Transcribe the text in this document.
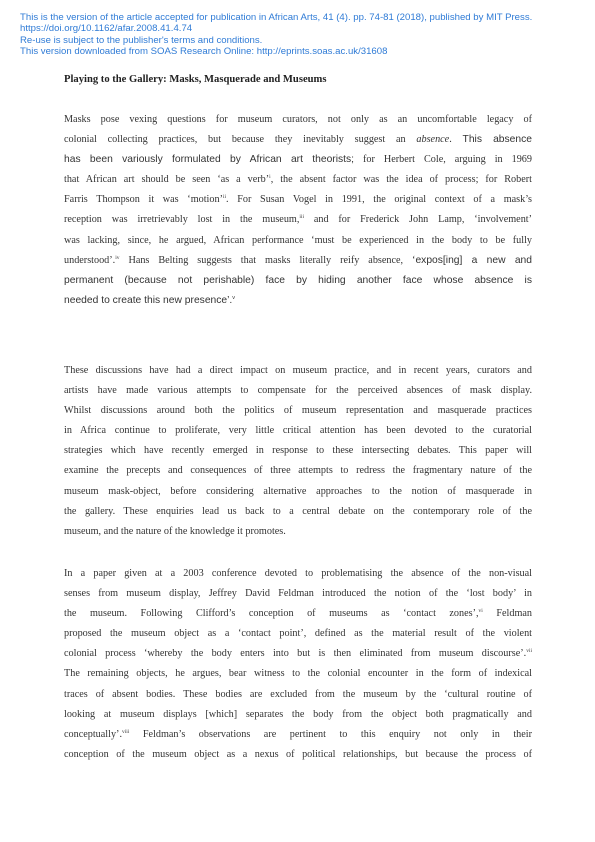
This is the version of the article accepted for publication in African Arts, 41 (4). pp. 74-81 (2018), published by MIT Press.
https://doi.org/10.1162/afar.2008.41.4.74
Re-use is subject to the publisher's terms and conditions.
This version downloaded from SOAS Research Online: http://eprints.soas.ac.uk/31608
Playing to the Gallery: Masks, Masquerade and Museums
Masks pose vexing questions for museum curators, not only as an uncomfortable legacy of
colonial collecting practices, but because they inevitably suggest an absence. This absence
has been variously formulated by African art theorists; for Herbert Cole, arguing in 1969
that African art should be seen ‘as a verb’$^i$, the absent factor was the idea of process; for Robert
Farris Thompson it was ‘motion’$^{ii}$. For Susan Vogel in 1991, the original context of a mask’s
reception was irretrievably lost in the museum,$^{iii}$ and for Frederick John Lamp, ‘involvement’
was lacking, since, he argued, African performance ‘must be experienced in the body to be fully
understood’.$^{iv}$ Hans Belting suggests that masks literally reify absence, ‘expos[ing] a new and
permanent (because not perishable) face by hiding another face whose absence is
needed to create this new presence’.$^v$
These discussions have had a direct impact on museum practice, and in recent years, curators and
artists have made various attempts to compensate for the perceived absences of mask display.
Whilst discussions around both the politics of museum representation and masquerade practices
in Africa continue to proliferate, very little critical attention has been devoted to the curatorial
strategies which have recently emerged in response to these intersecting debates. This paper will
examine the precepts and consequences of three attempts to redress the fragmentary nature of the
museum mask-object, before considering alternative approaches to the notion of masquerade in
the gallery. These enquiries lead us back to a central debate on the contemporary role of the
museum, and the nature of the knowledge it promotes.
In a paper given at a 2003 conference devoted to problematising the absence of the non-visual
senses from museum display, Jeffrey David Feldman introduced the notion of the ‘lost body’ in
the museum. Following Clifford’s conception of museums as ‘contact zones’,$^{vi}$ Feldman
proposed the museum object as a ‘contact point’, defined as the material result of the violent
colonial process ‘whereby the body enters into but is then eliminated from museum discourse’.$^{vii}$
The remaining objects, he argues, bear witness to the colonial encounter in the form of indexical
traces of absent bodies. These bodies are excluded from the museum by the ‘cultural routine of
looking at museum displays [which] separates the body from the object both pragmatically and
conceptually’.$^{viii}$ Feldman’s observations are pertinent to this enquiry not only in their
conception of the museum object as a nexus of political relationships, but because the process of
